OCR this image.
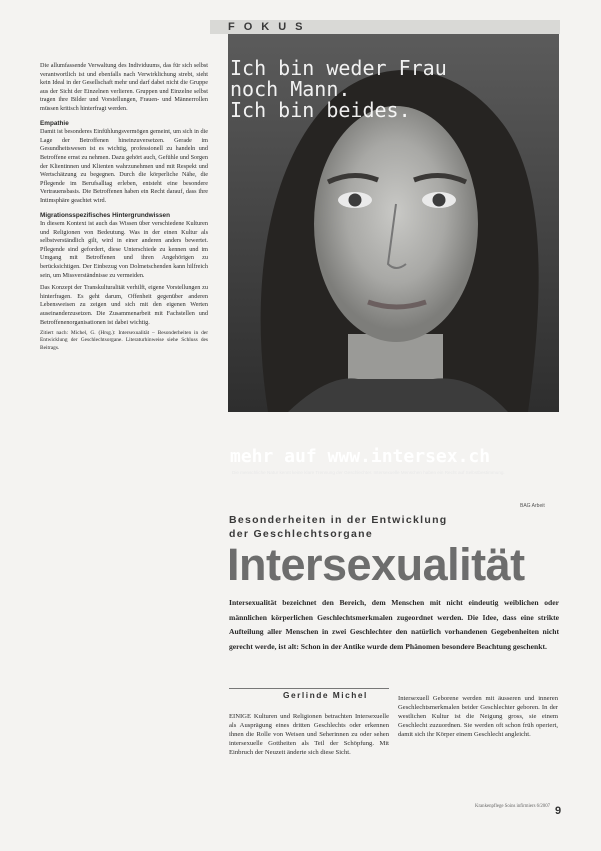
Die allumfassende Verwaltung des Individuums, das für sich selbst verantwortlich ist und ebenfalls nach Verwirklichung strebt, sieht kein Ideal in der Gesellschaft mehr und darf dabei nicht die Gruppe aus der Sicht der Einzelnen verlieren. Gruppen und Einzelne selbst tragen ihre Bilder und Vorstellungen, Frauen- und Männerrollen müssen kritisch hinterfragt werden.

Empathie

Damit ist besonderes Einfühlungsvermögen gemeint, um sich in die Lage der Betroffenen hineinzuversetzen. Gerade im Gesundheitswesen ist es wichtig, professionell zu handeln und Betroffene ernst zu nehmen. Dazu gehört auch, Gefühle und Sorgen der Klientinnen und Klienten wahrzunehmen und mit Respekt und Wertschätzung zu begegnen. Durch die körperliche Nähe, die Pflegende im Berufsalltag erleben, entsteht eine besondere Vertrauensbasis. Die Betroffenen haben ein Recht darauf, dass ihre Intimsphäre geachtet wird.

Migrationsspezifisches Hintergrundwissen

In diesem Kontext ist auch das Wissen über verschiedene Kulturen und Religionen von Bedeutung. Was in der einen Kultur als selbstverständlich gilt, wird in einer anderen anders bewertet. Pflegende sind gefordert, diese Unterschiede zu kennen und im Umgang mit Betroffenen und ihren Angehörigen zu berücksichtigen. Der Einbezug von Dolmetschenden kann hilfreich sein, um Missverständnisse zu vermeiden.

Das Konzept der Transkulturalität verhilft, eigene Vorstellungen zu hinterfragen. Es geht darum, Offenheit gegenüber anderen Lebensweisen zu zeigen und sich mit den eigenen Werten auseinanderzusetzen. Die Zusammenarbeit mit Fachstellen und Betroffenenorganisationen ist dabei wichtig.

Zitiert nach: Michel, G. (Hrsg.): Intersexualität – Besonderheiten in der Entwicklung der Geschlechtsorgane. Literaturhinweise siehe Schluss des Beitrags.

FOKUS
Ich bin weder Frau
noch Mann.
Ich bin beides.
mehr auf www.intersex.ch
Die menschliche Natur kennt keine klare Trennung der Geschlechter. Intersexuelle Menschen haben ein Recht auf Selbstbestimmung.
BAG Arbeit
Besonderheiten in der Entwicklung
der Geschlechtsorgane
Intersexualität
Intersexualität bezeichnet den Bereich, dem Menschen mit nicht eindeutig weiblichen oder männlichen körperlichen Geschlechtsmerkmalen zugeordnet werden. Die Idee, dass eine strikte Aufteilung aller Menschen in zwei Geschlechter den natürlich vorhandenen Gegebenheiten nicht gerecht werde, ist alt: Schon in der Antike wurde dem Phänomen besondere Beachtung geschenkt.
Gerlinde Michel

EINIGE Kulturen und Religionen betrachten Intersexuelle als Ausprägung eines dritten Geschlechts oder erkennen ihnen die Rolle von Weisen und Seherinnen zu oder sehen intersexuelle Gottheiten als Teil der Schöpfung. Mit Einbruch der Neuzeit änderte sich diese Sicht.

Intersexuell Geborene werden mit äusseren und inneren Geschlechtsmerkmalen beider Geschlechter geboren. In der westlichen Kultur ist die Neigung gross, sie einem Geschlecht zuzuordnen. Sie werden oft schon früh operiert, damit sich ihr Körper einem Geschlecht angleicht.

Krankenpflege Soins infirmiers 6/2007 9
